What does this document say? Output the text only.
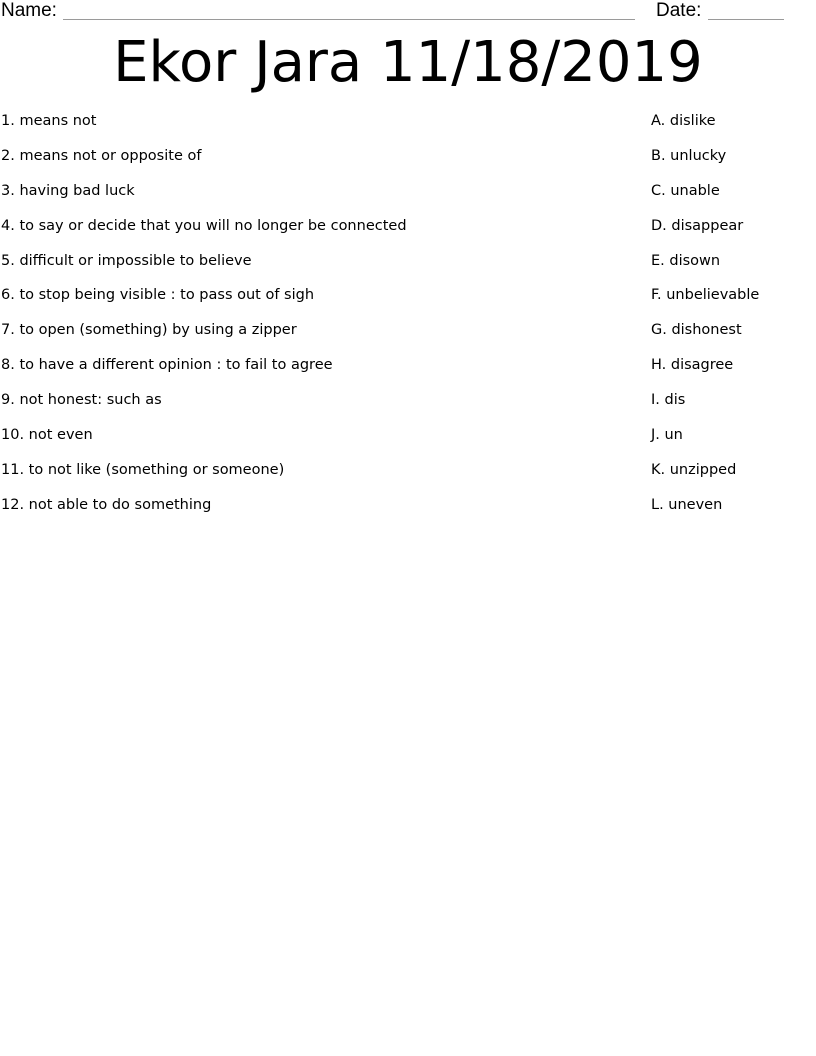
Name:	Date:
Ekor Jara 11/18/2019
1. means not
2. means not or opposite of
3. having bad luck
4. to say or decide that you will no longer be connected
5. difficult or impossible to believe
6. to stop being visible : to pass out of sigh
7. to open (something) by using a zipper
8. to have a different opinion : to fail to agree
9. not honest: such as
10. not even
11. to not like (something or someone)
12. not able to do something
A. dislike
B. unlucky
C. unable
D. disappear
E. disown
F. unbelievable
G. dishonest
H. disagree
I. dis
J. un
K. unzipped
L. uneven
